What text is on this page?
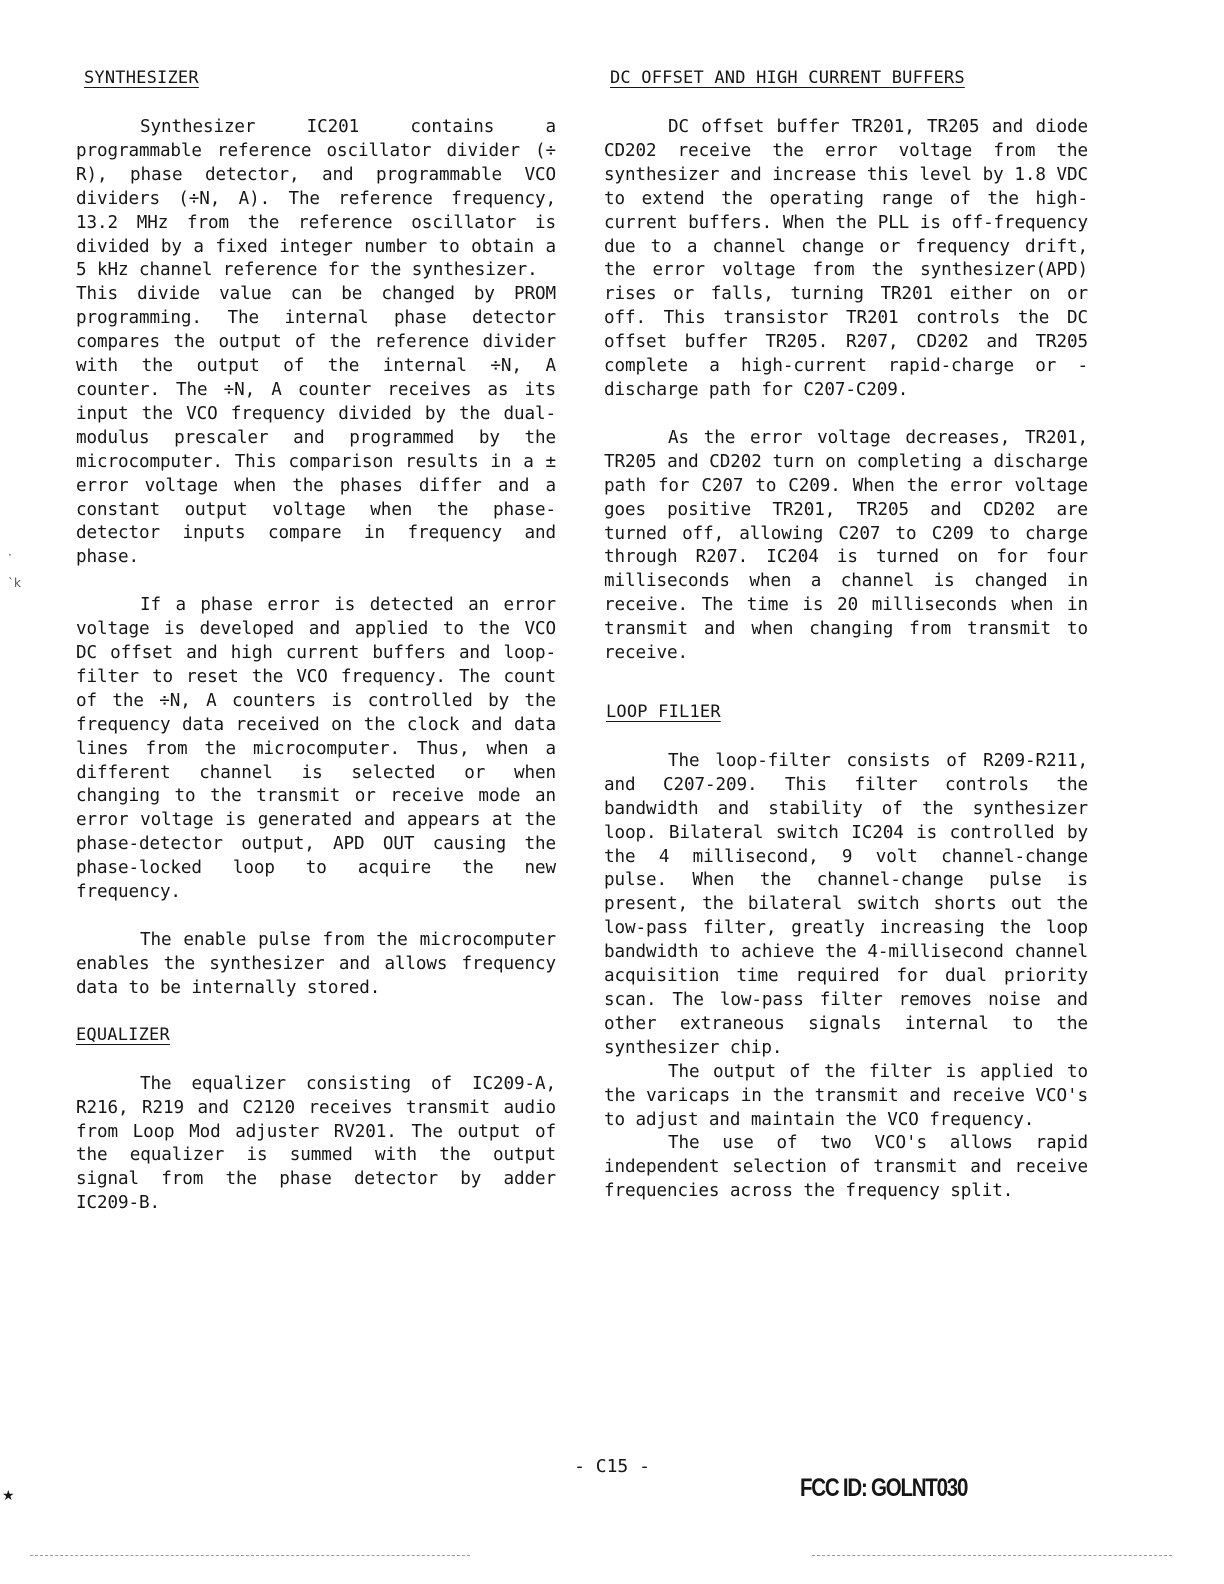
SYNTHESIZER

Synthesizer IC201 contains a programmable reference oscillator divider (÷ R), phase detector, and programmable VCO dividers (÷N, A). The reference frequency, 13.2 MHz from the reference oscillator is divided by a fixed integer number to obtain a 5 kHz channel reference for the synthesizer.

This divide value can be changed by PROM programming. The internal phase detector compares the output of the reference divider with the output of the internal ÷N, A counter. The ÷N, A counter receives as its input the VCO frequency divided by the dual-modulus prescaler and programmed by the microcomputer. This comparison results in a ± error voltage when the phases differ and a constant output voltage when the phase-detector inputs compare in frequency and phase.

If a phase error is detected an error voltage is developed and applied to the VCO DC offset and high current buffers and loop-filter to reset the VCO frequency. The count of the ÷N, A counters is controlled by the frequency data received on the clock and data lines from the microcomputer. Thus, when a different channel is selected or when changing to the transmit or receive mode an error voltage is generated and appears at the phase-detector output, APD OUT causing the phase-locked loop to acquire the new frequency.

The enable pulse from the microcomputer enables the synthesizer and allows frequency data to be internally stored.

EQUALIZER

The equalizer consisting of IC209-A, R216, R219 and C2120 receives transmit audio from Loop Mod adjuster RV201. The output of the equalizer is summed with the output signal from the phase detector by adder IC209-B.

DC OFFSET AND HIGH CURRENT BUFFERS

DC offset buffer TR201, TR205 and diode CD202 receive the error voltage from the synthesizer and increase this level by 1.8 VDC to extend the operating range of the high-current buffers. When the PLL is off-frequency due to a channel change or frequency drift, the error voltage from the synthesizer(APD) rises or falls, turning TR201 either on or off. This transistor TR201 controls the DC offset buffer TR205. R207, CD202 and TR205 complete a high-current rapid-charge or -discharge path for C207-C209.

As the error voltage decreases, TR201, TR205 and CD202 turn on completing a discharge path for C207 to C209. When the error voltage goes positive TR201, TR205 and CD202 are turned off, allowing C207 to C209 to charge through R207. IC204 is turned on for four milliseconds when a channel is changed in receive. The time is 20 milliseconds when in transmit and when changing from transmit to receive.

LOOP FIL1ER

The loop-filter consists of R209-R211, and C207-209. This filter controls the bandwidth and stability of the synthesizer loop. Bilateral switch IC204 is controlled by the 4 millisecond, 9 volt channel-change pulse. When the channel-change pulse is present, the bilateral switch shorts out the low-pass filter, greatly increasing the loop bandwidth to achieve the 4-millisecond channel acquisition time required for dual priority scan. The low-pass filter removes noise and other extraneous signals internal to the synthesizer chip.

The output of the filter is applied to the varicaps in the transmit and receive VCO's to adjust and maintain the VCO frequency.

The use of two VCO's allows rapid independent selection of transmit and receive frequencies across the frequency split.

·
ˋk
- C15 -
FCC ID: GOLNT030
★
